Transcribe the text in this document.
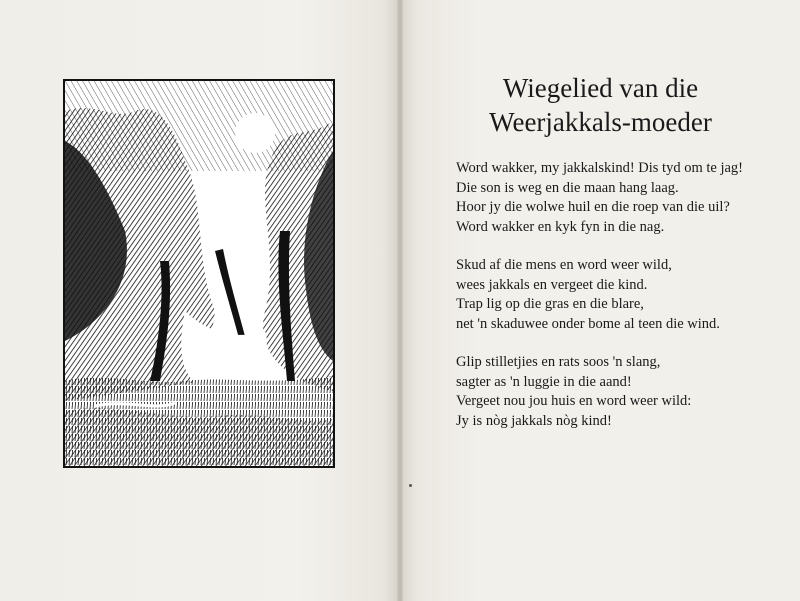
Wiegelied van die
Weerjakkals-moeder

Word wakker, my jakkalskind! Dis tyd om te jag!
Die son is weg en die maan hang laag.
Hoor jy die wolwe huil en die roep van die uil?
Word wakker en kyk fyn in die nag.

Skud af die mens en word weer wild,
wees jakkals en vergeet die kind.
Trap lig op die gras en die blare,
net 'n skaduwee onder bome al teen die wind.

Glip stilletjies en rats soos 'n slang,
sagter as 'n luggie in die aand!
Vergeet nou jou huis en word weer wild:
Jy is nòg jakkals nòg kind!
